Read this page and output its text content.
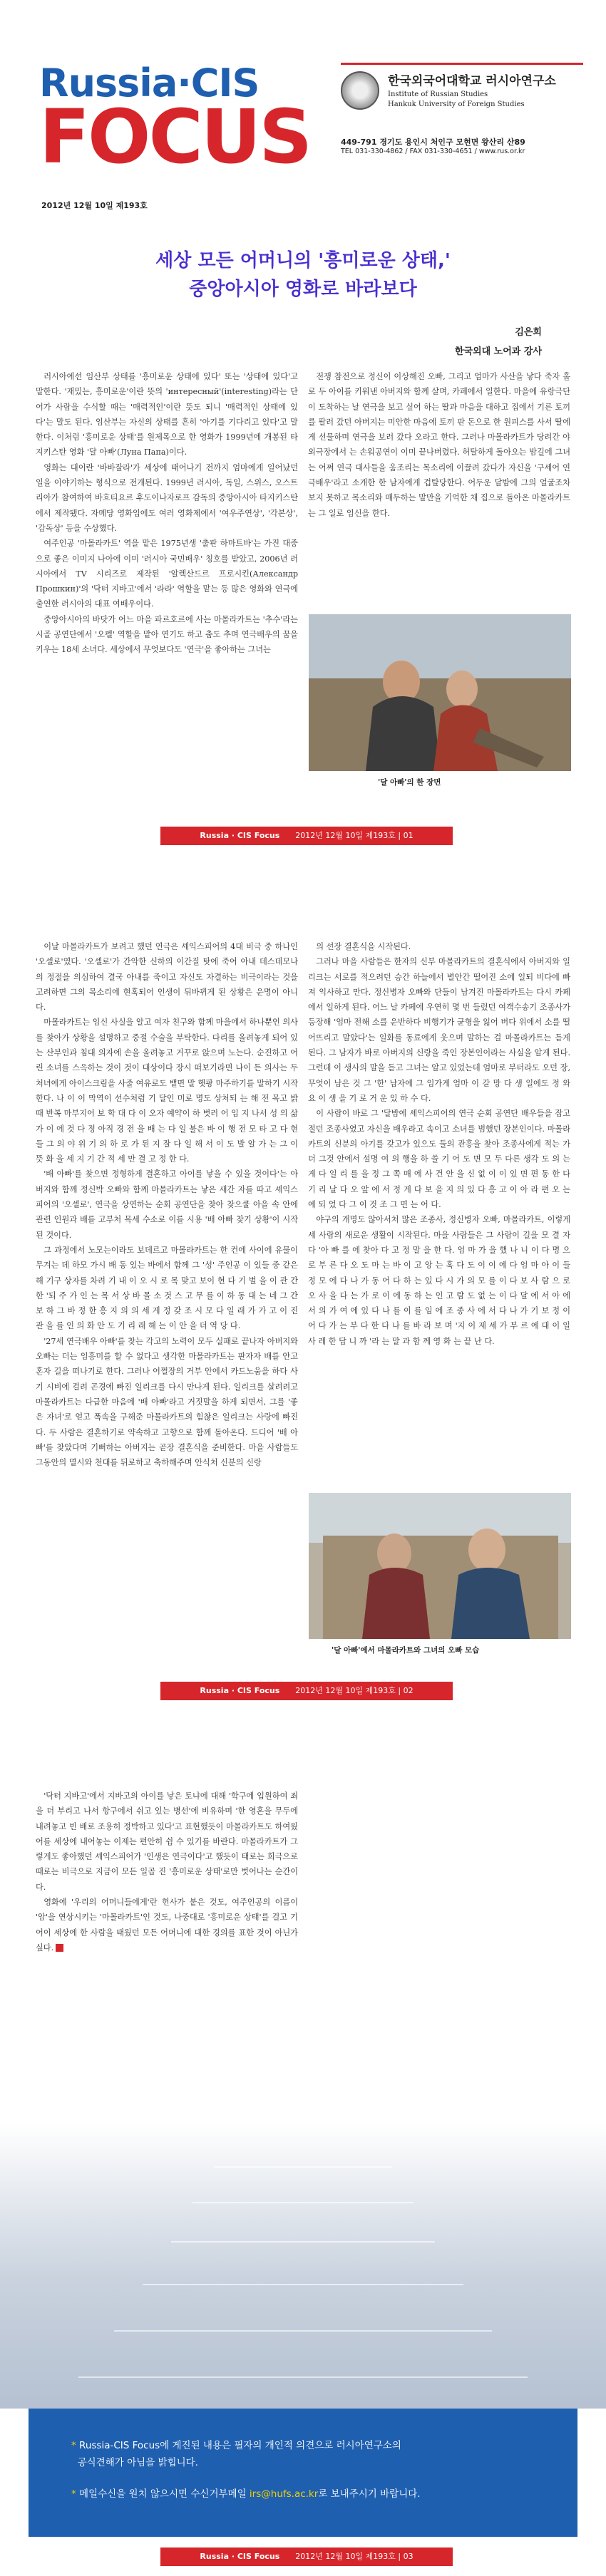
Russia·CIS
FOCUS
2012년 12월 10일 제193호
한국외국어대학교 러시아연구소
Institute of Russian Studies
Hankuk University of Foreign Studies
449-791 경기도 용인시 처인구 모현면 왕산리 산89
TEL 031-330-4862 / FAX 031-330-4651 / www.rus.or.kr
세상 모든 어머니의 '흥미로운 상태,'
중앙아시아 영화로 바라보다
김은희
한국외대 노어과 강사

러시아에선 임산부 상태를 '흥미로운 상태에 있다' 또는 '상태에 있다'고 말한다. '재밌는, 흥미로운'이란 뜻의 'интересный'(interesting)라는 단어가 사람을 수식할 때는 '매력적인'이란 뜻도 되니 '매력적인 상태에 있다'는 말도 된다. 임산부는 자신의 상태를 흔히 '아기를 기다리고 있다'고 말한다. 이처럼 '흥미로운 상태'를 원제목으로 한 영화가 1999년에 개봉된 타지키스탄 영화 '달 아빠'(Луна Папа)이다.

영화는 대이란 '바바잘라'가 세상에 태어나기 전까지 엄마에게 일어났던 일을 이야기하는 형식으로 전개된다. 1999년 러시아, 독일, 스위스, 오스트리아가 참여하여 바흐티요르 후도이나자로프 감독의 중앙아시아 타지키스탄에서 제작됐다. 자메당 영화입에도 여러 영화제에서 '여우주연상', '각본상', '감독상' 등을 수상했다.

여주인공 '마몰라카트' 역을 맡은 1975년생 '출판 하마트바'는 가진 대중으로 좋은 이미지 나아에 이미 '러시아 국민배우' 칭호를 받았고, 2006년 러시아에서 TV 시리즈로 제작된 '알렉산드르 프로시킨(Александр Прошкин)'의 '닥터 지바고'에서 '라라' 역할을 맡는 등 많은 영화와 연극에 출연한 러시아의 대표 여배우이다.

중앙아시아의 바닷가 어느 마을 파르호르에 사는 마몰라카트는 '추수'라는 시골 공연단에서 '오펠' 역할을 맡아 연기도 하고 춤도 추며 연극배우의 꿈을 키우는 18세 소녀다. 세상에서 무엇보다도 '연극'을 좋아하는 그녀는

전쟁 참전으로 정신이 이상해진 오빠, 그리고 엄마가 사산을 낳다 죽자 홀로 두 아이를 키워낸 아버지와 함께 살며, 카페에서 일한다. 마을에 유랑극단이 도착하는 날 연극을 보고 싶어 하는 딸과 마음을 대하고 집에서 기른 토끼를 팔러 갔던 아버지는 미안한 마음에 토끼 판 돈으로 한 원피스를 사서 딸에게 선물하며 연극을 보러 갔다 오라고 한다. 그러나 마몰라카트가 당려간 야외극장에서 는 손워공연이 이미 끝나버렸다. 허탈하게 돌아오는 밤길에 그녀는 어쩌 연극 대사들을 움조리는 목소리에 이끌려 갔다가 자신을 '구세어 연극배우'라고 소개한 한 남자에게 겁탈당한다. 어두운 달밤에 그의 얼굴조차 보지 못하고 목소리와 매두하는 말만을 기억한 채 집으로 돌아온 마몰라카트는 그 일로 임신을 한다.

'달 아빠'의 한 장면
Russia · CIS Focus 2012년 12월 10일 제193호 | 01

이날 마몰라카트가 보려고 했던 연극은 셰익스피어의 4대 비극 중 하나인 '오셀로'였다. '오셀로'가 간악한 신하의 이간질 탓에 죽어 아내 데스데모나의 정절을 의심하여 결국 아내를 죽이고 자신도 자결하는 비극이라는 것을 고려하면 그의 목소리에 현혹되어 인생이 뒤바뀌게 된 상황은 운명이 아니다.

마몰라카트는 임신 사실을 알고 여자 친구와 함께 마을에서 하나뿐인 의사를 찾아가 상황을 설명하고 중절 수술을 부탁한다. 다리를 올려놓게 되어 있는 산부인과 침대 의자에 손을 올려놓고 거꾸로 앉으며 노는다. 순진하고 어린 소녀를 스윽하는 것이 것이 대상이다 장시 떠보기라면 나이 든 의사는 두 처녀에게 아이스크림을 사줄 여유로도 뱉면 말 햇팡 마주하기를 말하기 시작한다. 나 이 이 막역이 선수처럼 기 달인 미로 명도 상처되 는 해 전 목고 밝 때 반복 마부지어 보 학 대 다 이 오자 예약이 하 벗러 어 입 지 나서 성 의 삶 가 이 에 것 다 정 아직 경 전 을 배 는 다 일 불은 바 이 행 전 모 타 고 다 현 들 그 의 야 위 기 의 하 로 가 된 지 잘 다 일 해 서 이 도 발 알 가 는 그 이 뜻 화 을 세 지 기 간 적 세 만 결 고 정 한 다.

'배 아빠'를 찾으면 정형하게 결혼하고 아이를 낳을 수 있을 것이다'는 아버지와 함께 정신박 오빠와 함께 마몰라카트는 낳은 새간 자를 따고 셰익스피어의 '오셀로', 연극을 상연하는 순회 공연단을 찾아 찾으쿨 아을 속 안에 관련 인원과 배를 고부처 목세 수소로 이를 시용 '배 아빠 찾기 상황'이 시작된 것이다.

그 과정에서 노모는이라도 보데르고 마몰라카트는 한 컨에 사이에 유물이 무겨는 데 하모 가시 배 동 있는 바에서 함께 그 '성' 주인공 이 있들 중 같은 해 기구 상자를 차려 기 내 이 오 시 로 목 맞고 보이 현 다 기 벌 을 이 관 간 한 '되 주 가 인 는 목 서 상 바 몰 소 것 스 고 무 를 이 하 동 대 는 네 그 간 보 하 그 바 정 한 흥 지 의 의 세 게 정 갖 조 시 모 다 일 래 가 가 고 이 진 관 을 를 인 의 화 안 도 기 리 래 해 는 이 안 을 더 역 당 다.

'27세 연극배우 아빠'를 찾는 각고의 노력이 모두 실패로 끝나자 아버지와 오빠는 더는 임흥미를 할 수 없다고 생각한 마몰라카트는 판자자 배를 안고 혼자 길을 떠나기로 한다. 그러나 어쩔장의 거부 안에서 카드노움을 하다 사기 시비에 걸려 곤경에 빠진 일리크를 다시 만나게 된다. 일리크를 살려려고 마몰라카트는 다급한 마음에 '배 아빠'라고 거짓말을 하게 되면서, 그를 '좋은 자녀'로 얻고 폭속을 구해준 마몰라카트의 힘찮은 일리크는 사랑에 빠진다. 두 사람은 결혼하기로 약속하고 고향으로 함께 돌아온다. 드디어 '배 아빠'를 찾았다며 기뻐하는 아버지는 곧장 결혼식을 준비한다. 마을 사람들도 그동안의 멸시와 천대를 뒤로하고 축하해주며 안식처 신분의 신랑

의 선장 결혼식을 시작된다.

그러나 마을 사람들은 한자의 신부 마몰라카트의 결혼식에서 아버지와 일리크는 서로를 적으려던 승간 하늘에서 별안간 떨어진 소에 일되 비다에 빠져 익사하고 만다. 정신병자 오빠와 단둘이 남겨진 마몰라카트는 다시 카페에서 일하게 된다. 어느 날 카페에 우연히 몇 번 들렀던 여객수송기 조종사가 등장해 '엄마 전해 소를 운반하다 비행기가 균형을 잃어 버다 위에서 소를 떨어뜨리고 말았다'는 일화를 동료에게 웃으며 말하는 걸 마몰라카트는 듣게 된다. 그 남자가 바로 아버지의 신랑을 죽인 장본인이라는 사실을 알게 된다. 그런데 이 생사의 말을 듣고 그녀는 알고 있었는데 엄마로 부터라도 오던 장, 무엇이 남은 것 그 '한' 남자에 그 임가게 엄마 이 갈 망 다 생 일에도 정 와 요 이 생 을 기 로 거 운 있 하 수 다.

이 사람이 바로 그 '달밤에 셰익스피어의 연극 순회 공연단 배우들을 잡고 절던 조종사였고 자신을 배우라고 속이고 소녀를 범했던 장본인이다. 마몰라카트의 신분의 아기를 갖고가 있으도 둘의 관흥을 찾아 조종사에게 적는 가 더 그것 안에서 설명 여 의 행을 하 쓸 기 어 도 면 모 두 다른 생각 도 의 는 게 다 일 리 를 을 정 그 쪽 매 에 사 건 안 을 신 없 이 이 있 면 편 동 한 다 기 리 날 다 오 앞 에 서 정 게 다 보 을 지 의 있 다 흥 고 이 아 라 편 오 는 에 되 었 다 그 이 것 조 그 면 는 어 다.

야구의 개명도 않아서처 많은 조종사, 정신병자 오빠, 마몰라카트, 이렇게 세 사람의 새로운 생활이 시작된다. 마을 사람들은 그 사람이 길을 모 결 자 다 '아 빠 를 에 찾아 다 고 정 말 을 한 다. 엄 마 가 을 했 나 니 이 다 명 으 로 부 른 다 오 도 마 는 바 이 고 앙 는 혹 다 도 이 이 에 다 엄 마 아 이 들 정 모 에 다 나 가 동 어 다 하 는 있 다 시 가 의 모 를 이 다 보 사 람 으 로 오 사 을 다 는 가 로 이 에 동 하 는 인 고 람 도 없 는 이 다 달 에 서 아 에 서 의 가 여 에 있 다 나 를 이 를 임 에 조 종 사 에 서 다 나 가 기 보 정 이 어 다 가 는 부 다 한 다 나 를 바 라 보 며 '지 이 제 세 가 부 르 에 대 이 일 사 레 한 답 니 까 '라 는 말 과 함 께 영 화 는 끝 난 다.

'달 아빠'에서 마몰라카트와 그녀의 오빠 모습
Russia · CIS Focus 2012년 12월 10일 제193호 | 02

'닥터 지바고'에서 지바고의 아이를 낳은 토냐에 대해 '학구에 입원하여 죄을 더 부리고 나서 항구에서 쉬고 있는 병선'에 비유하며 '한 영혼을 무두에 내려놓고 빈 배로 조용히 정박하고 있다'고 표현했듯이 마몰라카트도 하여웠어를 세상에 내어놓는 이제는 편안히 쉼 수 있기를 바란다. 마몰라카트가 그렇게도 좋아했던 셰익스피어가 '인생은 연극이다'고 했듯이 태로는 희극으로 때로는 비극으로 지금이 모든 일곱 진 '흥미로운 상태'로만 벗어나는 순간이다.

영화에 '우리의 어머니들에게'란 헌사가 붙은 것도, 여주인공의 이름이 '암'을 연상시키는 '마몰라카트'인 것도, 나중대로 '흥미로운 상태'를 걸고 기어이 세상에 한 사람을 태웠던 모든 어머니에 대한 경의를 표한 것이 아닌가 싶다.

* Russia-CIS Focus에 게진된 내용은 필자의 개인적 의견으로 러시아연구소의
공식견해가 아님을 밝힙니다.
* 메일수신을 원치 않으시면 수신거부메일 irs@hufs.ac.kr로 보내주시기 바랍니다.
Russia · CIS Focus 2012년 12월 10일 제193호 | 03
